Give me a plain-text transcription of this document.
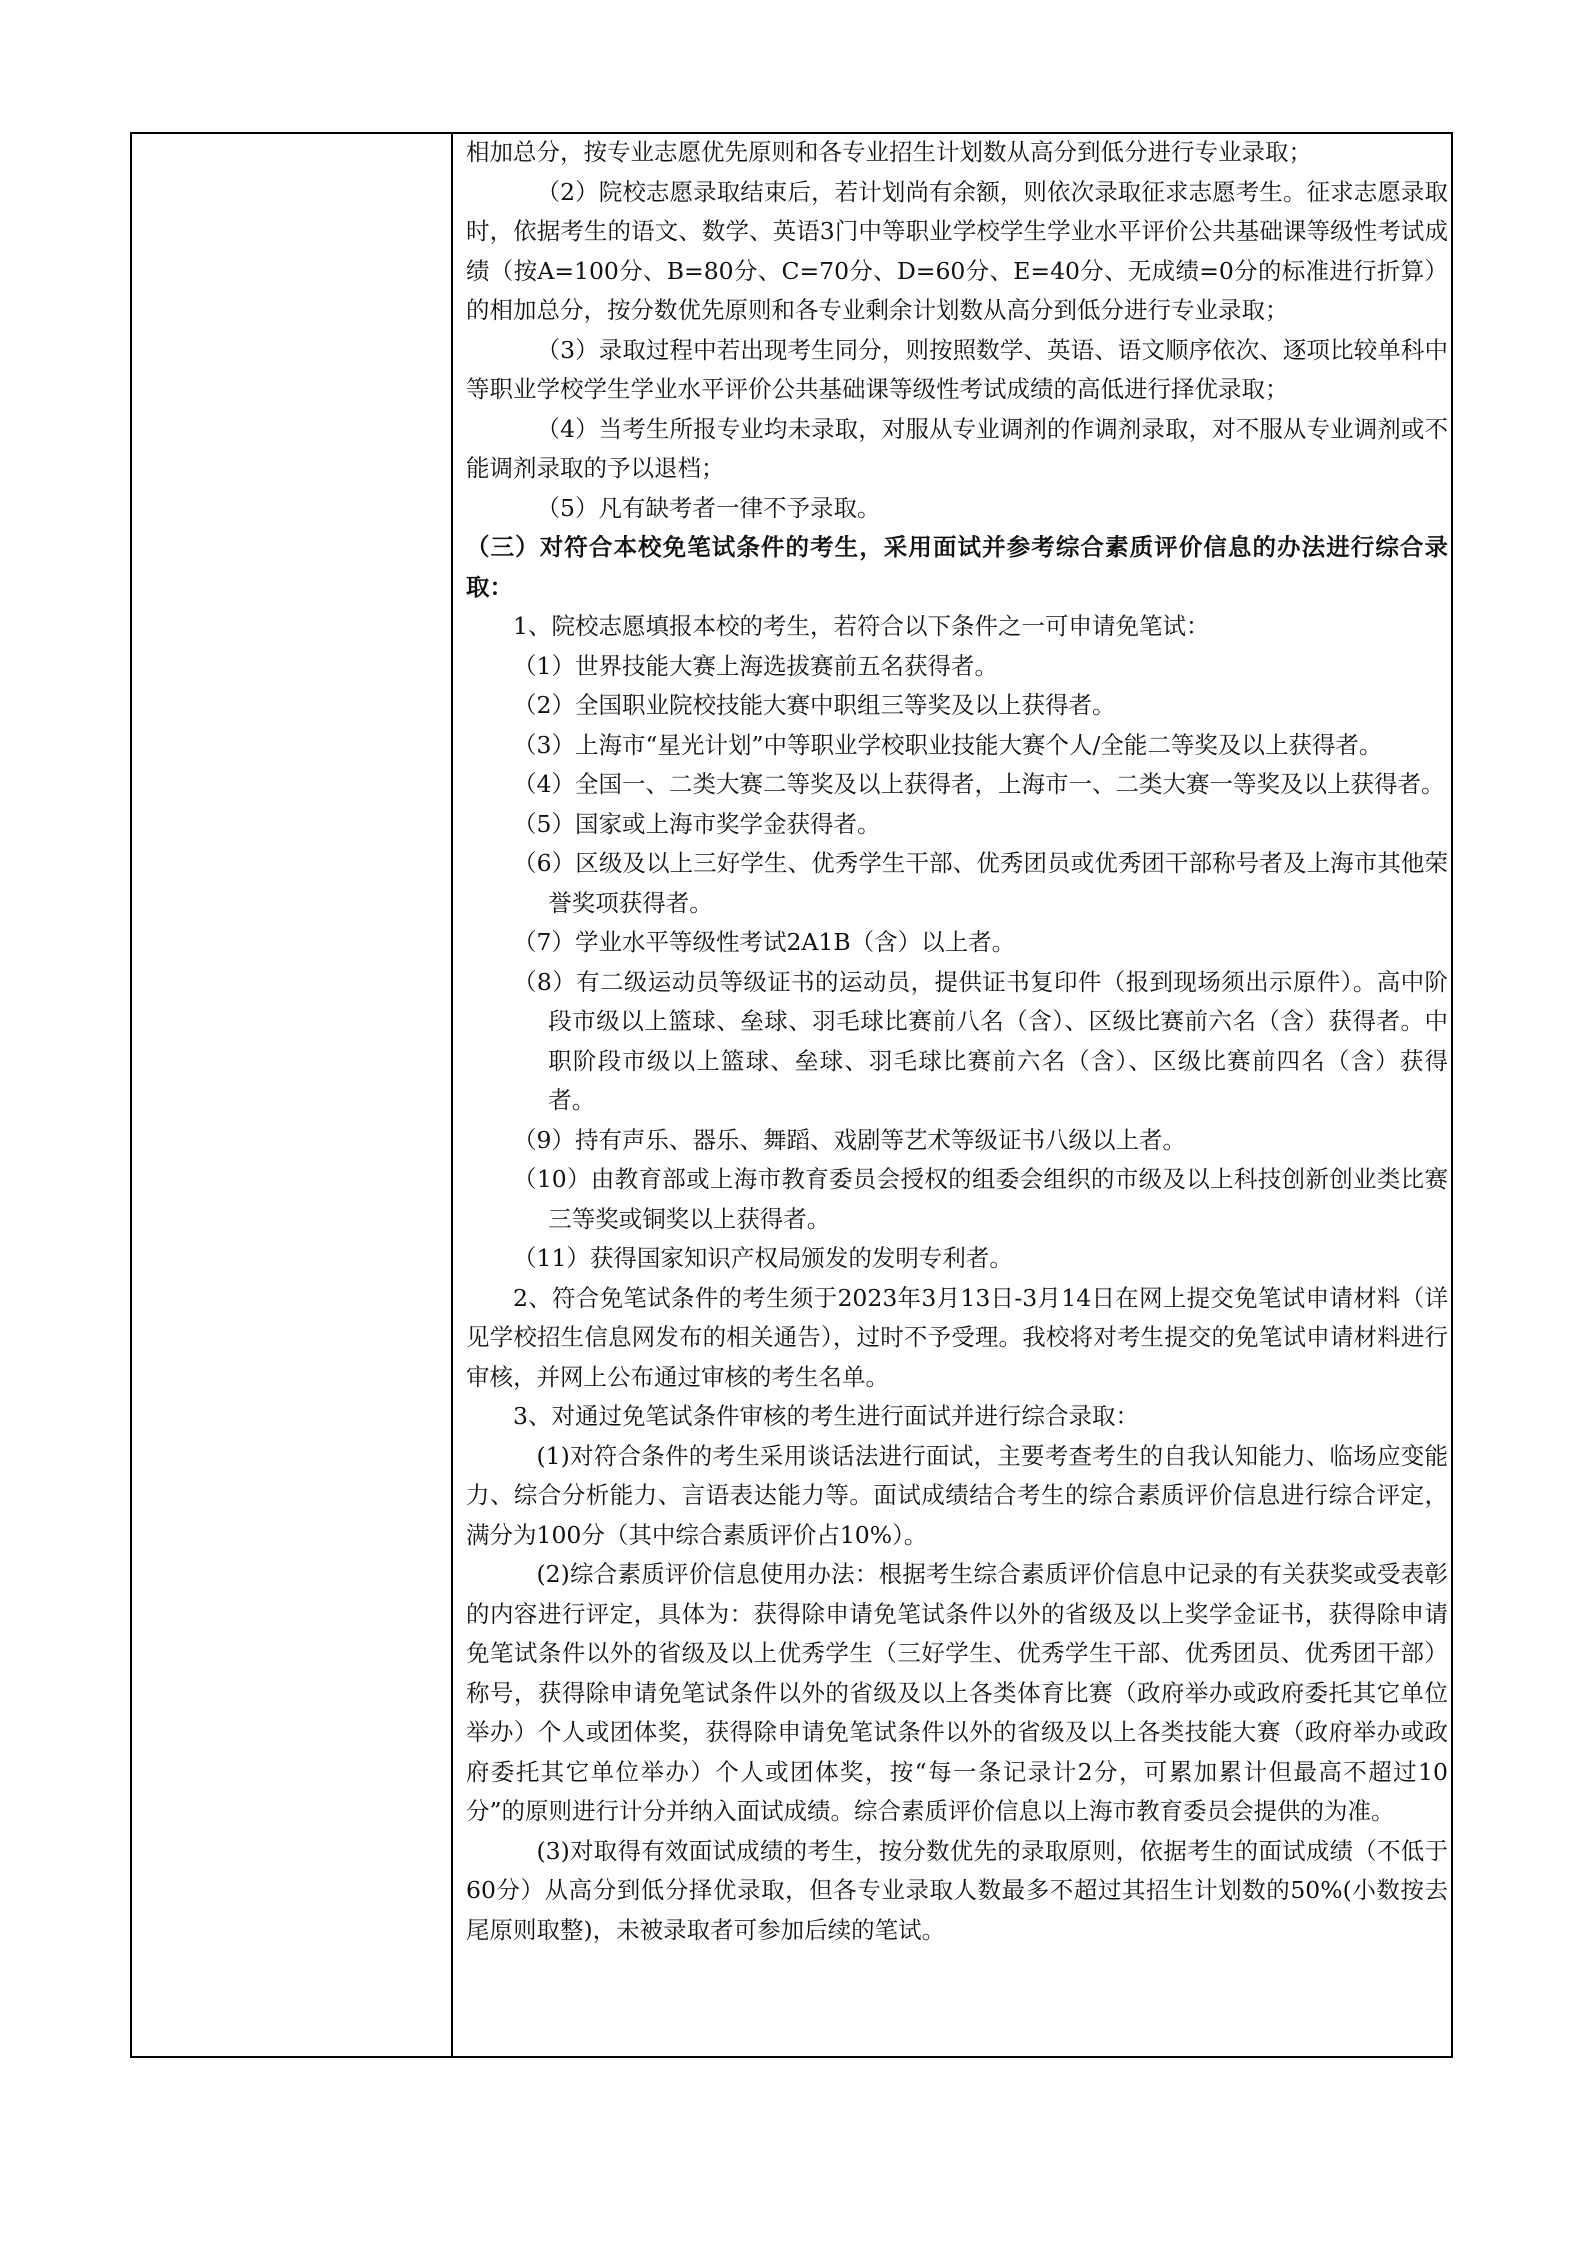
相加总分，按专业志愿优先原则和各专业招生计划数从高分到低分进行专业录取；

（2）院校志愿录取结束后，若计划尚有余额，则依次录取征求志愿考生。征求志愿录取时，依据考生的语文、数学、英语3门中等职业学校学生学业水平评价公共基础课等级性考试成绩（按A=100分、B=80分、C=70分、D=60分、E=40分、无成绩=0分的标准进行折算）的相加总分，按分数优先原则和各专业剩余计划数从高分到低分进行专业录取；

（3）录取过程中若出现考生同分，则按照数学、英语、语文顺序依次、逐项比较单科中等职业学校学生学业水平评价公共基础课等级性考试成绩的高低进行择优录取；

（4）当考生所报专业均未录取，对服从专业调剂的作调剂录取，对不服从专业调剂或不能调剂录取的予以退档；

（5）凡有缺考者一律不予录取。

（三）对符合本校免笔试条件的考生，采用面试并参考综合素质评价信息的办法进行综合录取：

1、院校志愿填报本校的考生，若符合以下条件之一可申请免笔试：

（1）世界技能大赛上海选拔赛前五名获得者。

（2）全国职业院校技能大赛中职组三等奖及以上获得者。

（3）上海市“星光计划”中等职业学校职业技能大赛个人/全能二等奖及以上获得者。

（4）全国一、二类大赛二等奖及以上获得者，上海市一、二类大赛一等奖及以上获得者。

（5）国家或上海市奖学金获得者。

（6）区级及以上三好学生、优秀学生干部、优秀团员或优秀团干部称号者及上海市其他荣誉奖项获得者。

（7）学业水平等级性考试2A1B（含）以上者。

（8）有二级运动员等级证书的运动员，提供证书复印件（报到现场须出示原件）。高中阶段市级以上篮球、垒球、羽毛球比赛前八名（含）、区级比赛前六名（含）获得者。中职阶段市级以上篮球、垒球、羽毛球比赛前六名（含）、区级比赛前四名（含）获得者。

（9）持有声乐、器乐、舞蹈、戏剧等艺术等级证书八级以上者。

（10）由教育部或上海市教育委员会授权的组委会组织的市级及以上科技创新创业类比赛三等奖或铜奖以上获得者。

（11）获得国家知识产权局颁发的发明专利者。

2、符合免笔试条件的考生须于2023年3月13日-3月14日在网上提交免笔试申请材料（详见学校招生信息网发布的相关通告），过时不予受理。我校将对考生提交的免笔试申请材料进行审核，并网上公布通过审核的考生名单。

3、对通过免笔试条件审核的考生进行面试并进行综合录取：

(1)对符合条件的考生采用谈话法进行面试，主要考查考生的自我认知能力、临场应变能力、综合分析能力、言语表达能力等。面试成绩结合考生的综合素质评价信息进行综合评定，满分为100分（其中综合素质评价占10%）。

(2)综合素质评价信息使用办法：根据考生综合素质评价信息中记录的有关获奖或受表彰的内容进行评定，具体为：获得除申请免笔试条件以外的省级及以上奖学金证书，获得除申请免笔试条件以外的省级及以上优秀学生（三好学生、优秀学生干部、优秀团员、优秀团干部）称号，获得除申请免笔试条件以外的省级及以上各类体育比赛（政府举办或政府委托其它单位举办）个人或团体奖，获得除申请免笔试条件以外的省级及以上各类技能大赛（政府举办或政府委托其它单位举办）个人或团体奖，按“每一条记录计2分，可累加累计但最高不超过10分”的原则进行计分并纳入面试成绩。综合素质评价信息以上海市教育委员会提供的为准。

(3)对取得有效面试成绩的考生，按分数优先的录取原则，依据考生的面试成绩（不低于60分）从高分到低分择优录取，但各专业录取人数最多不超过其招生计划数的50%(小数按去尾原则取整)，未被录取者可参加后续的笔试。
